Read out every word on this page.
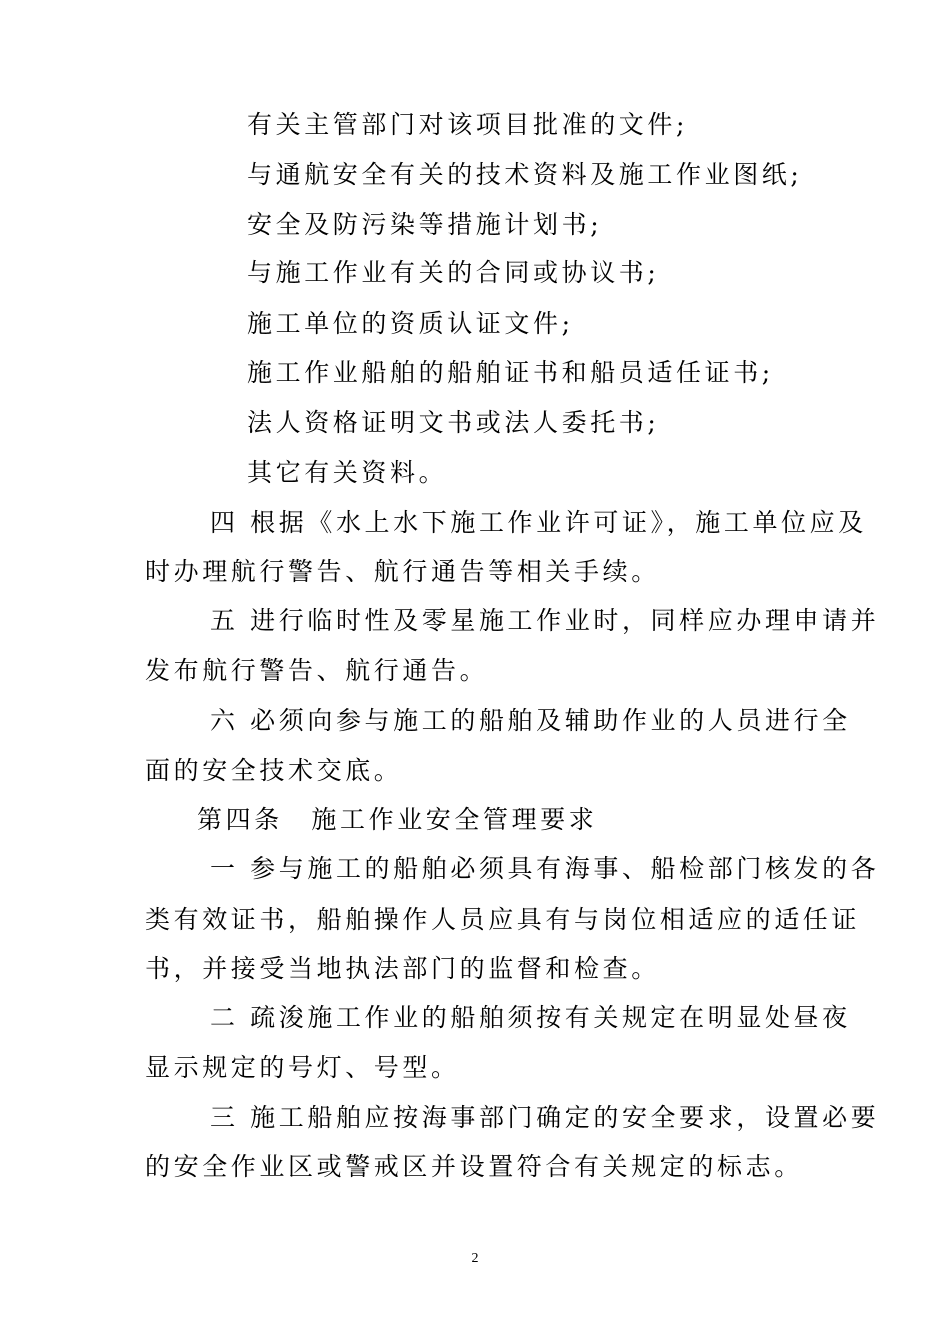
有关主管部门对该项目批准的文件;
与通航安全有关的技术资料及施工作业图纸;
安全及防污染等措施计划书;
与施工作业有关的合同或协议书;
施工单位的资质认证文件;
施工作业船舶的船舶证书和船员适任证书;
法人资格证明文书或法人委托书;
其它有关资料。
四 根据《水上水下施工作业许可证》，施工单位应及
时办理航行警告、航行通告等相关手续。
五 进行临时性及零星施工作业时，同样应办理申请并
发布航行警告、航行通告。
六 必须向参与施工的船舶及辅助作业的人员进行全
面的安全技术交底。
第四条　施工作业安全管理要求
一 参与施工的船舶必须具有海事、船检部门核发的各
类有效证书，船舶操作人员应具有与岗位相适应的适任证
书，并接受当地执法部门的监督和检查。
二 疏浚施工作业的船舶须按有关规定在明显处昼夜
显示规定的号灯、号型。
三 施工船舶应按海事部门确定的安全要求，设置必要
的安全作业区或警戒区并设置符合有关规定的标志。
2
